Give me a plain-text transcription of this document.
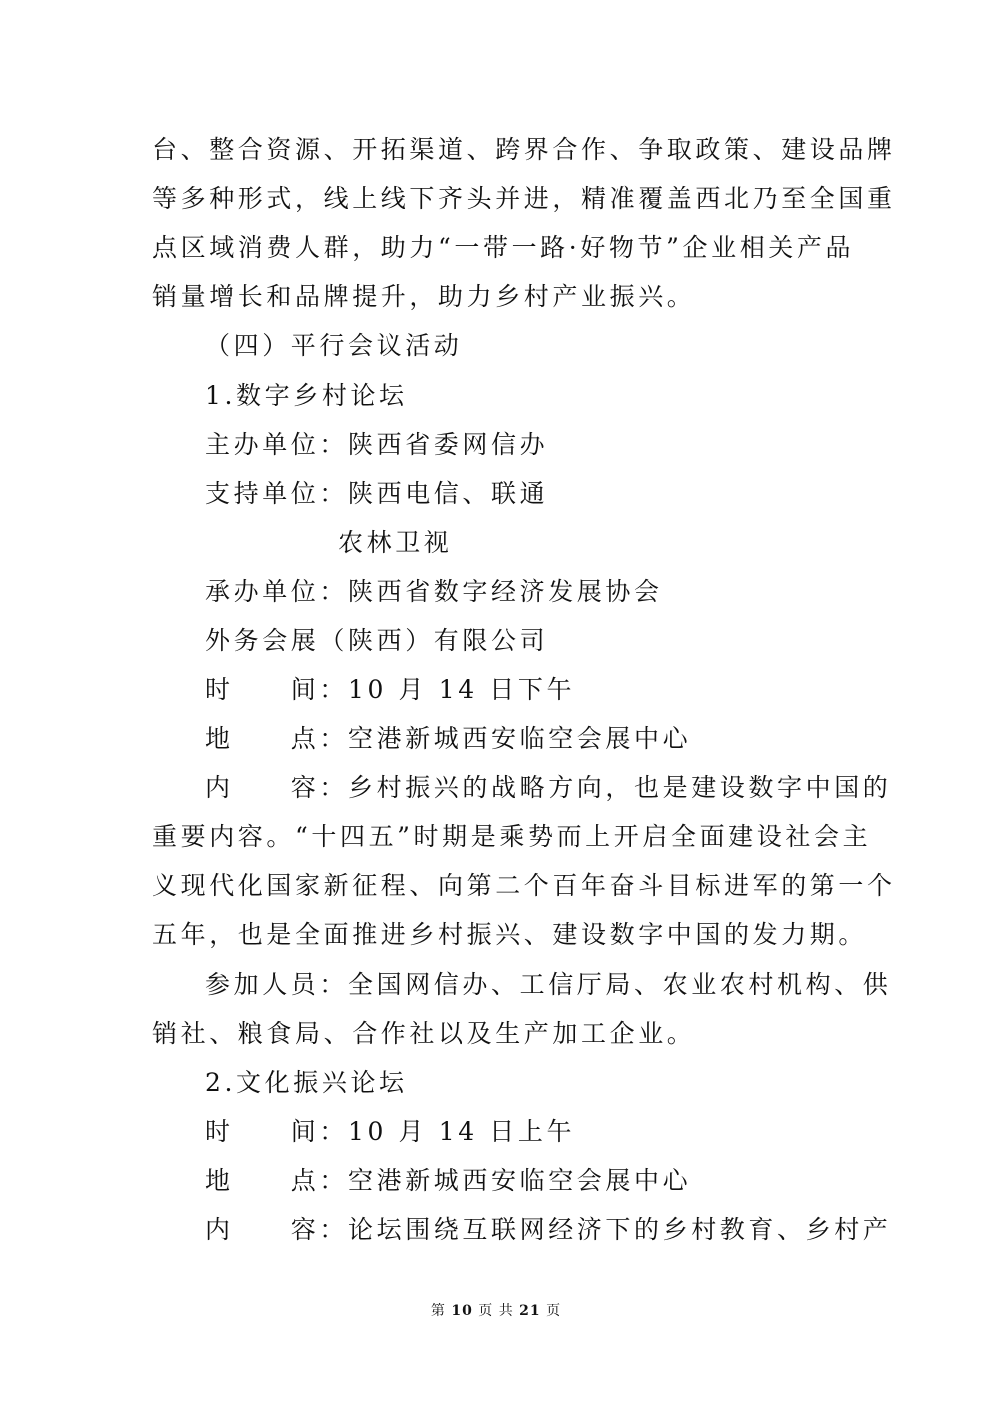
台、整合资源、开拓渠道、跨界合作、争取政策、建设品牌
等多种形式，线上线下齐头并进，精准覆盖西北乃至全国重
点区域消费人群，助力“一带一路·好物节”企业相关产品
销量增长和品牌提升，助力乡村产业振兴。
（四）平行会议活动
1.数字乡村论坛
主办单位：陕西省委网信办
支持单位：陕西电信、联通
农林卫视
承办单位：陕西省数字经济发展协会
外务会展（陕西）有限公司
时　　间：10 月 14 日下午
地　　点：空港新城西安临空会展中心
内　　容：乡村振兴的战略方向，也是建设数字中国的
重要内容。“十四五”时期是乘势而上开启全面建设社会主
义现代化国家新征程、向第二个百年奋斗目标进军的第一个
五年，也是全面推进乡村振兴、建设数字中国的发力期。
参加人员：全国网信办、工信厅局、农业农村机构、供
销社、粮食局、合作社以及生产加工企业。
2.文化振兴论坛
时　　间：10 月 14 日上午
地　　点：空港新城西安临空会展中心
内　　容：论坛围绕互联网经济下的乡村教育、乡村产
第 10 页 共 21 页
